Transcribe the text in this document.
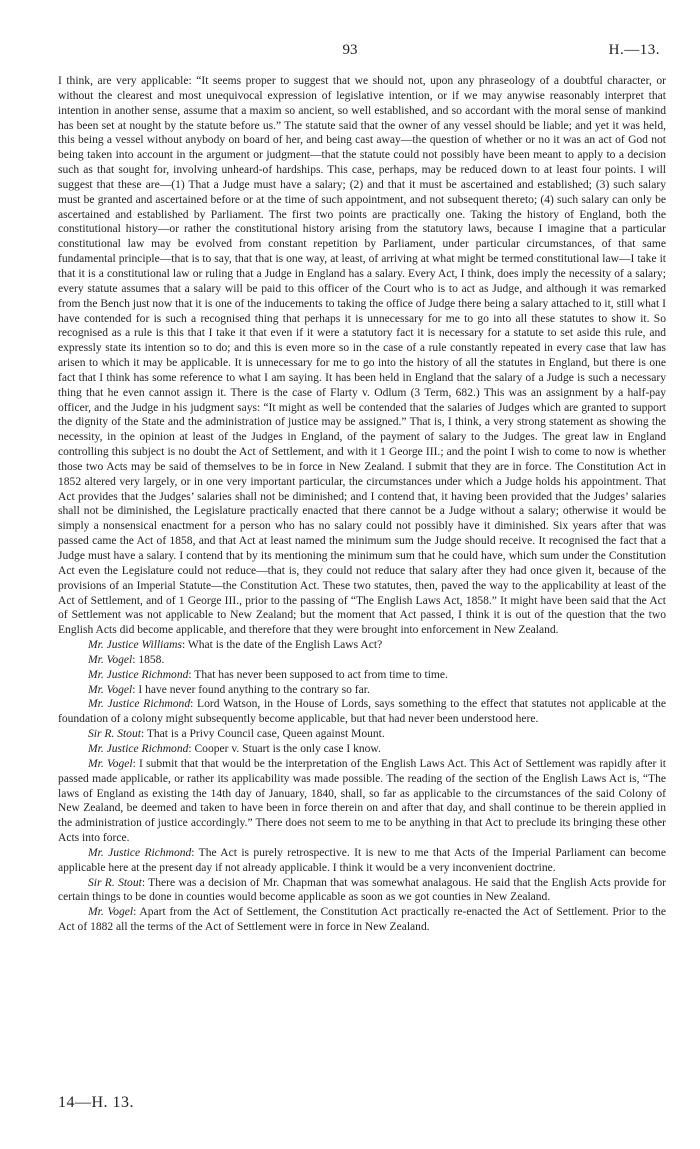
93	H.—13.

I think, are very applicable: “It seems proper to suggest that we should not, upon any phraseology of a doubtful character, or without the clearest and most unequivocal expression of legislative intention, or if we may anywise reasonably interpret that intention in another sense, assume that a maxim so ancient, so well established, and so accordant with the moral sense of mankind has been set at nought by the statute before us.” The statute said that the owner of any vessel should be liable; and yet it was held, this being a vessel without anybody on board of her, and being cast away—the question of whether or no it was an act of God not being taken into account in the argument or judgment—that the statute could not possibly have been meant to apply to a decision such as that sought for, involving unheard-of hardships. This case, perhaps, may be reduced down to at least four points. I will suggest that these are—(1) That a Judge must have a salary; (2) and that it must be ascertained and established; (3) such salary must be granted and ascertained before or at the time of such appointment, and not subsequent thereto; (4) such salary can only be ascertained and established by Parliament. The first two points are practically one. Taking the history of England, both the constitutional history—or rather the constitutional history arising from the statutory laws, because I imagine that a particular constitutional law may be evolved from constant repetition by Parliament, under particular circumstances, of that same fundamental principle—that is to say, that that is one way, at least, of arriving at what might be termed constitutional law—I take it that it is a constitutional law or ruling that a Judge in England has a salary. Every Act, I think, does imply the necessity of a salary; every statute assumes that a salary will be paid to this officer of the Court who is to act as Judge, and although it was remarked from the Bench just now that it is one of the inducements to taking the office of Judge there being a salary attached to it, still what I have contended for is such a recognised thing that perhaps it is unnecessary for me to go into all these statutes to show it. So recognised as a rule is this that I take it that even if it were a statutory fact it is necessary for a statute to set aside this rule, and expressly state its intention so to do; and this is even more so in the case of a rule constantly repeated in every case that law has arisen to which it may be applicable. It is unnecessary for me to go into the history of all the statutes in England, but there is one fact that I think has some reference to what I am saying. It has been held in England that the salary of a Judge is such a necessary thing that he even cannot assign it. There is the case of Flarty v. Odlum (3 Term, 682.) This was an assignment by a half-pay officer, and the Judge in his judgment says: “It might as well be contended that the salaries of Judges which are granted to support the dignity of the State and the administration of justice may be assigned.” That is, I think, a very strong statement as showing the necessity, in the opinion at least of the Judges in England, of the payment of salary to the Judges. The great law in England controlling this subject is no doubt the Act of Settlement, and with it 1 George III.; and the point I wish to come to now is whether those two Acts may be said of themselves to be in force in New Zealand. I submit that they are in force. The Constitution Act in 1852 altered very largely, or in one very important particular, the circumstances under which a Judge holds his appointment. That Act provides that the Judges’ salaries shall not be diminished; and I contend that, it having been provided that the Judges’ salaries shall not be diminished, the Legislature practically enacted that there cannot be a Judge without a salary; otherwise it would be simply a nonsensical enactment for a person who has no salary could not possibly have it diminished. Six years after that was passed came the Act of 1858, and that Act at least named the minimum sum the Judge should receive. It recognised the fact that a Judge must have a salary. I contend that by its mentioning the minimum sum that he could have, which sum under the Constitution Act even the Legislature could not reduce—that is, they could not reduce that salary after they had once given it, because of the provisions of an Imperial Statute—the Constitution Act. These two statutes, then, paved the way to the applicability at least of the Act of Settlement, and of 1 George III., prior to the passing of “The English Laws Act, 1858.” It might have been said that the Act of Settlement was not applicable to New Zealand; but the moment that Act passed, I think it is out of the question that the two English Acts did become applicable, and therefore that they were brought into enforcement in New Zealand.

Mr. Justice Williams: What is the date of the English Laws Act?

Mr. Vogel: 1858.

Mr. Justice Richmond: That has never been supposed to act from time to time.

Mr. Vogel: I have never found anything to the contrary so far.

Mr. Justice Richmond: Lord Watson, in the House of Lords, says something to the effect that statutes not applicable at the foundation of a colony might subsequently become applicable, but that had never been understood here.

Sir R. Stout: That is a Privy Council case, Queen against Mount.

Mr. Justice Richmond: Cooper v. Stuart is the only case I know.

Mr. Vogel: I submit that that would be the interpretation of the English Laws Act. This Act of Settlement was rapidly after it passed made applicable, or rather its applicability was made possible. The reading of the section of the English Laws Act is, “The laws of England as existing the 14th day of January, 1840, shall, so far as applicable to the circumstances of the said Colony of New Zealand, be deemed and taken to have been in force therein on and after that day, and shall continue to be therein applied in the administration of justice accordingly.” There does not seem to me to be anything in that Act to preclude its bringing these other Acts into force.

Mr. Justice Richmond: The Act is purely retrospective. It is new to me that Acts of the Imperial Parliament can become applicable here at the present day if not already applicable. I think it would be a very inconvenient doctrine.

Sir R. Stout: There was a decision of Mr. Chapman that was somewhat analagous. He said that the English Acts provide for certain things to be done in counties would become applicable as soon as we got counties in New Zealand.

Mr. Vogel: Apart from the Act of Settlement, the Constitution Act practically re-enacted the Act of Settlement. Prior to the Act of 1882 all the terms of the Act of Settlement were in force in New Zealand.

14—H. 13.
